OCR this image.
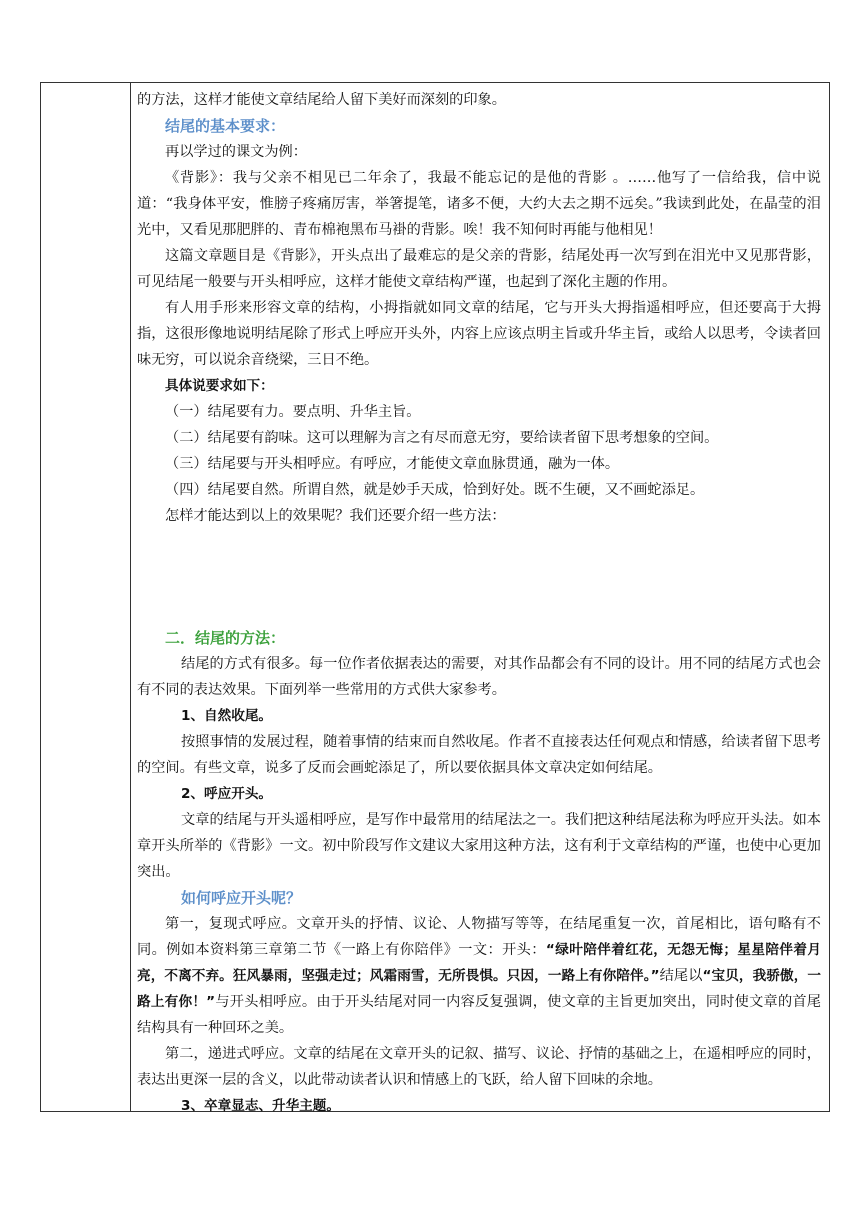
的方法，这样才能使文章结尾给人留下美好而深刻的印象。

结尾的基本要求：

再以学过的课文为例：

《背影》：我与父亲不相见已二年余了，我最不能忘记的是他的背影 。……他写了一信给我，信中说道：“我身体平安，惟膀子疼痛厉害，举箸提笔，诸多不便，大约大去之期不远矣。”我读到此处，在晶莹的泪光中，又看见那肥胖的、青布棉袍黑布马褂的背影。唉！我不知何时再能与他相见！

这篇文章题目是《背影》，开头点出了最难忘的是父亲的背影，结尾处再一次写到在泪光中又见那背影，可见结尾一般要与开头相呼应，这样才能使文章结构严谨，也起到了深化主题的作用。

有人用手形来形容文章的结构，小拇指就如同文章的结尾，它与开头大拇指遥相呼应，但还要高于大拇指，这很形像地说明结尾除了形式上呼应开头外，内容上应该点明主旨或升华主旨，或给人以思考，令读者回味无穷，可以说余音绕梁，三日不绝。

具体说要求如下：

（一）结尾要有力。要点明、升华主旨。

（二）结尾要有韵味。这可以理解为言之有尽而意无穷，要给读者留下思考想象的空间。

（三）结尾要与开头相呼应。有呼应，才能使文章血脉贯通，融为一体。

（四）结尾要自然。所谓自然，就是妙手天成，恰到好处。既不生硬，又不画蛇添足。

怎样才能达到以上的效果呢？我们还要介绍一些方法：

二．结尾的方法：

结尾的方式有很多。每一位作者依据表达的需要，对其作品都会有不同的设计。用不同的结尾方式也会有不同的表达效果。下面列举一些常用的方式供大家参考。

1、自然收尾。

按照事情的发展过程，随着事情的结束而自然收尾。作者不直接表达任何观点和情感，给读者留下思考的空间。有些文章，说多了反而会画蛇添足了，所以要依据具体文章决定如何结尾。

2、呼应开头。

文章的结尾与开头遥相呼应，是写作中最常用的结尾法之一。我们把这种结尾法称为呼应开头法。如本章开头所举的《背影》一文。初中阶段写作文建议大家用这种方法，这有利于文章结构的严谨，也使中心更加突出。

如何呼应开头呢？

第一，复现式呼应。文章开头的抒情、议论、人物描写等等，在结尾重复一次，首尾相比，语句略有不同。例如本资料第三章第二节《一路上有你陪伴》一文：开头：“绿叶陪伴着红花，无怨无悔；星星陪伴着月亮，不离不弃。狂风暴雨，坚强走过；风霜雨雪，无所畏惧。只因，一路上有你陪伴。”结尾以“宝贝，我骄傲，一路上有你！”与开头相呼应。由于开头结尾对同一内容反复强调，使文章的主旨更加突出，同时使文章的首尾结构具有一种回环之美。

第二，递进式呼应。文章的结尾在文章开头的记叙、描写、议论、抒情的基础之上，在遥相呼应的同时，表达出更深一层的含义，以此带动读者认识和情感上的飞跃，给人留下回味的余地。

3、卒章显志、升华主题。
